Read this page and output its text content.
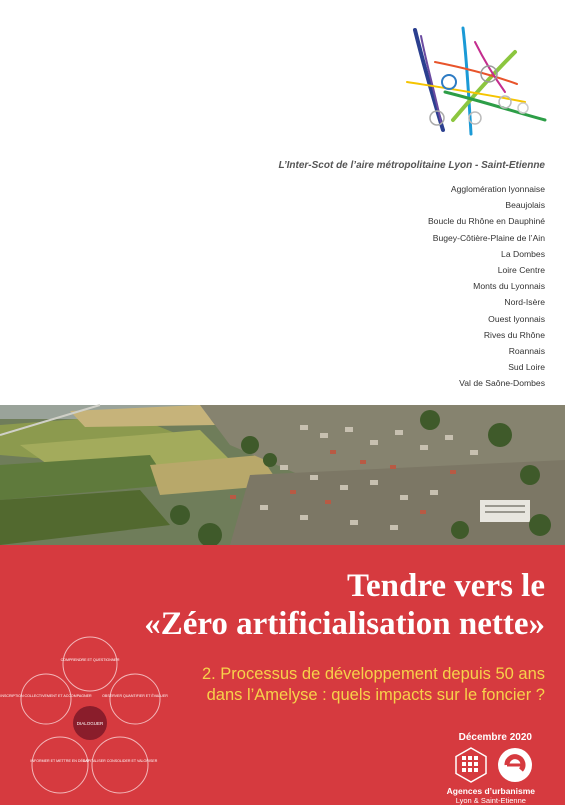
L’Inter-Scot de l’aire métropolitaine Lyon - Saint-Etienne
Agglomération lyonnaise
Beaujolais
Boucle du Rhône en Dauphiné
Bugey-Côtière-Plaine de l’Ain
La Dombes
Loire Centre
Monts du Lyonnais
Nord-Isère
Ouest lyonnais
Rives du Rhône
Roannais
Sud Loire
Val de Saône-Dombes
Tendre vers le
«Zéro artificialisation nette»
2. Processus de développement depuis 50 ans
dans l’Amelyse : quels impacts sur le foncier ?
COMPRENDRE ET QUESTIONNER
OBSERVER QUANTIFIER ET ÉVALUER
CAPITALISER CONSOLIDER ET VALORISER
INFORMER ET METTRE EN DÉBAT
INSCRIPTION COLLECTIVEMENT ET ACCOMPAGNER
DIALOGUER
Décembre 2020
Agences d’urbanisme
Lyon & Saint-Etienne
